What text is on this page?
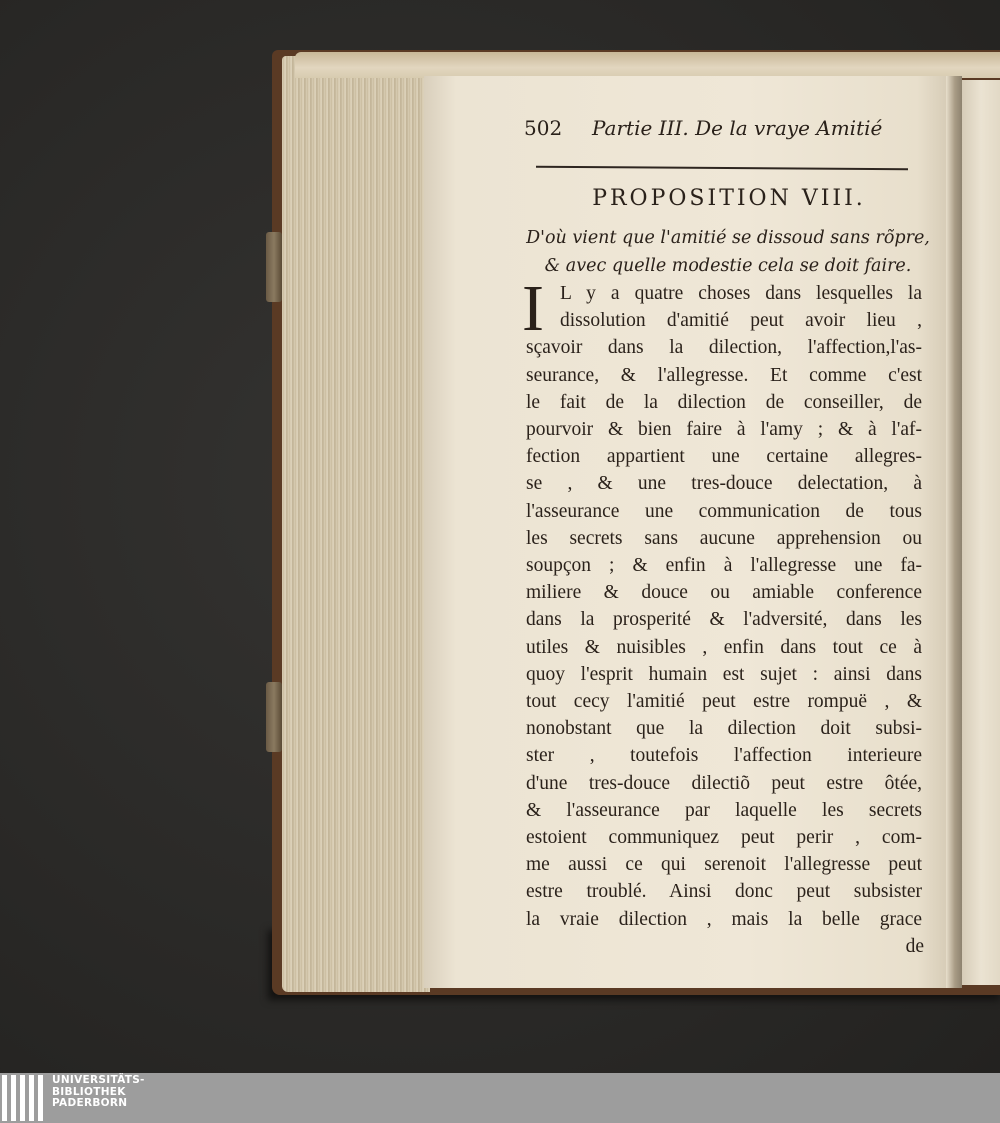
502 Partie III. De la vraye Amitié
PROPOSITION VIII.
D'où vient que l'amitié se dissoud sans rõpre,
& avec quelle modestie cela se doit faire.
I L y a quatre choses dans lesquelles la
dissolution d'amitié peut avoir lieu ,
sçavoir dans la dilection, l'affection,l'as-
seurance, & l'allegresse. Et comme c'est
le fait de la dilection de conseiller, de
pourvoir & bien faire à l'amy ; & à l'af-
fection appartient une certaine allegres-
se , & une tres-douce delectation, à
l'asseurance une communication de tous
les secrets sans aucune apprehension ou
soupçon ; & enfin à l'allegresse une fa-
miliere & douce ou amiable conference
dans la prosperité & l'adversité, dans les
utiles & nuisibles , enfin dans tout ce à
quoy l'esprit humain est sujet : ainsi dans
tout cecy l'amitié peut estre rompuë , &
nonobstant que la dilection doit subsi-
ster , toutefois l'affection interieure
d'une tres-douce dilectiõ peut estre ôtée,
& l'asseurance par laquelle les secrets
estoient communiquez peut perir , com-
me aussi ce qui serenoit l'allegresse peut
estre troublé. Ainsi donc peut subsister
la vraie dilection , mais la belle grace
de
UNIVERSITÄTS-
BIBLIOTHEK
PADERBORN
